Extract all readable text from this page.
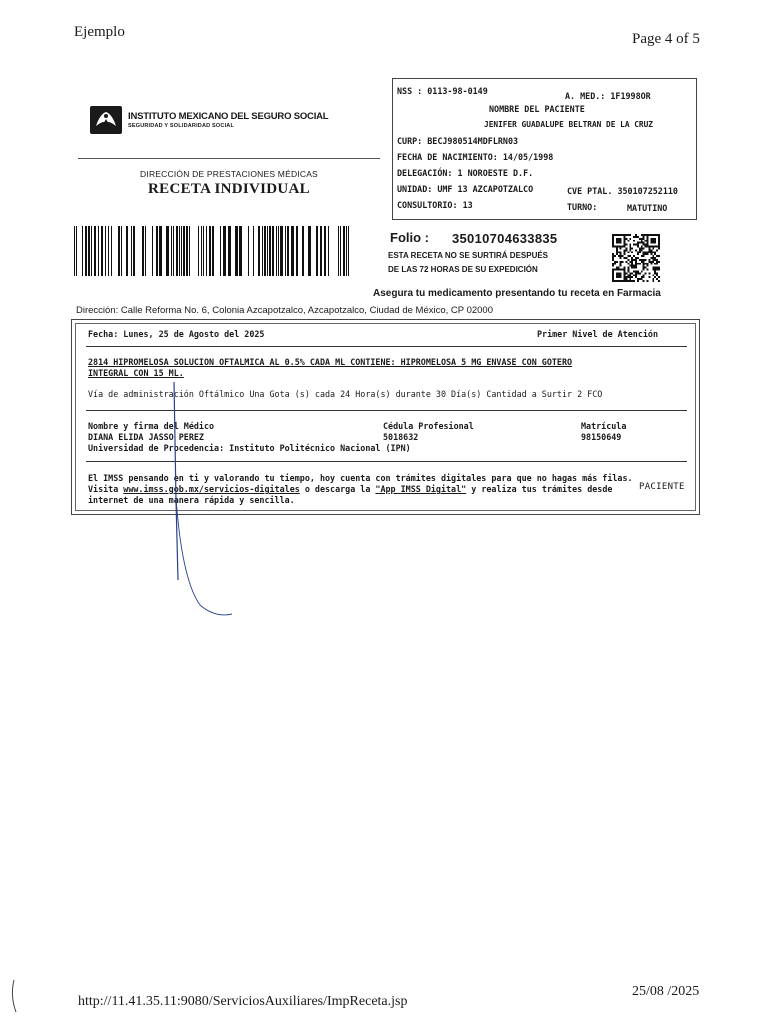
Ejemplo	Page 4 of 5
INSTITUTO MEXICANO DEL SEGURO SOCIAL
SEGURIDAD Y SOLIDARIDAD SOCIAL
DIRECCIÓN DE PRESTACIONES MÉDICAS
RECETA INDIVIDUAL
NSS : 0113-98-0149	A. MED.: 1F1998OR
NOMBRE DEL PACIENTE
JENIFER GUADALUPE BELTRAN DE LA CRUZ
CURP: BECJ980514MDFLRN03
FECHA DE NACIMIENTO: 14/05/1998
DELEGACIÓN: 1 NOROESTE D.F.
UNIDAD: UMF 13 AZCAPOTZALCO	CVE PTAL. 350107252110
CONSULTORIO: 13	TURNO:	MATUTINO
Folio : 35010704633835
ESTA RECETA NO SE SURTIRÁ DESPUÉS
DE LAS 72 HORAS DE SU EXPEDICIÓN
Asegura tu medicamento presentando tu receta en Farmacia
Dirección: Calle Reforma No. 6, Colonia Azcapotzalco, Azcapotzalco, Ciudad de México, CP 02000
Fecha: Lunes, 25 de Agosto del 2025	Primer Nivel de Atención
2814 HIPROMELOSA SOLUCION OFTALMICA AL 0.5% CADA ML CONTIENE: HIPROMELOSA 5 MG ENVASE CON GOTERO
INTEGRAL CON 15 ML.
Vía de administración Oftálmico Una Gota (s) cada 24 Hora(s) durante 30 Día(s) Cantidad a Surtir 2 FCO
Nombre y firma del Médico	Cédula Profesional	Matrícula
DIANA ELIDA JASSO PEREZ	5018632	98150649
Universidad de Procedencia: Instituto Politécnico Nacional (IPN)
El IMSS pensando en ti y valorando tu tiempo, hoy cuenta con trámites digitales para que no hagas más filas.
Visita www.imss.gob.mx/servicios-digitales o descarga la "App IMSS Digital" y realiza tus trámites desde
internet de una manera rápida y sencilla.
PACIENTE
http://11.41.35.11:9080/ServiciosAuxiliares/ImpReceta.jsp
25/08 /2025
